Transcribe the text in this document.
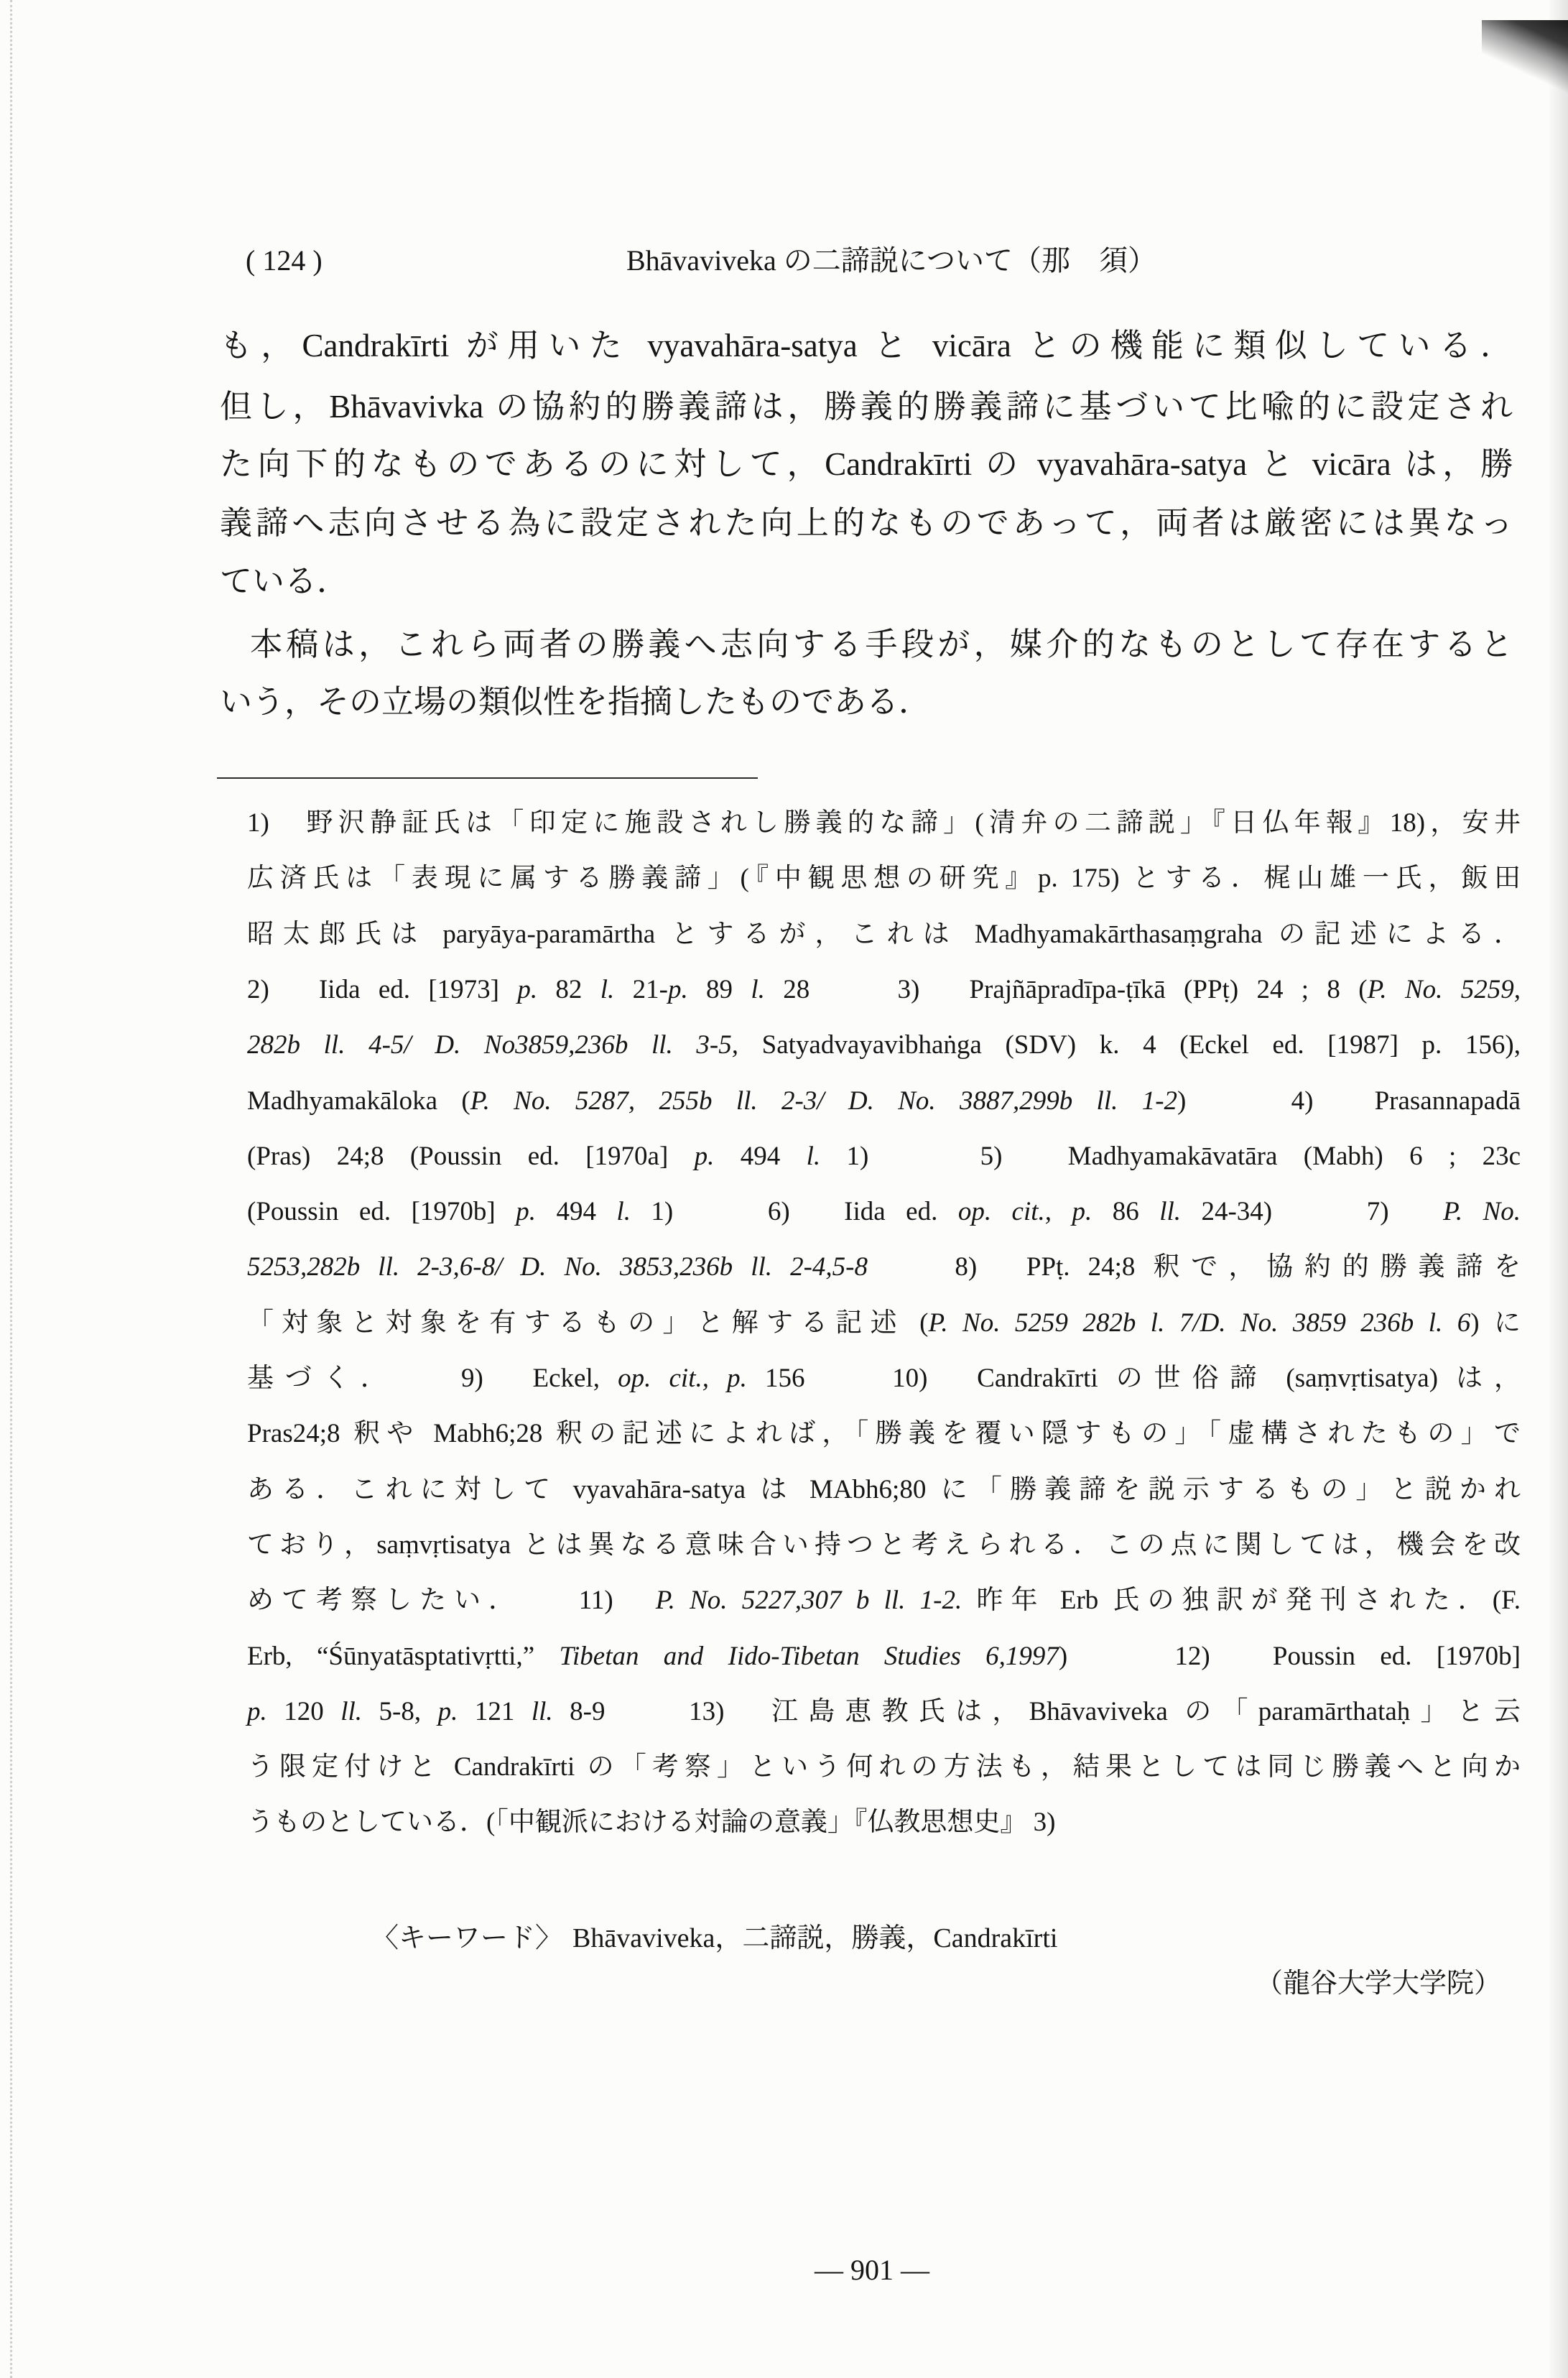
( 124 )	Bhāvaviveka の二諦説について（那　須）
も，Candrakīrti が用いた vyavahāra-satya と vicāra との機能に類似している．
但し，Bhāvavivka の協約的勝義諦は，勝義的勝義諦に基づいて比喩的に設定され
た向下的なものであるのに対して，Candrakīrti の vyavahāra-satya と vicāra は，勝
義諦へ志向させる為に設定された向上的なものであって，両者は厳密には異なっ
ている．
本稿は，これら両者の勝義へ志向する手段が，媒介的なものとして存在すると
いう，その立場の類似性を指摘したものである．
1)　野沢静証氏は「印定に施設されし勝義的な諦」(清弁の二諦説」『日仏年報』18)，安井
広済氏は「表現に属する勝義諦」(『中観思想の研究』p. 175) とする．梶山雄一氏，飯田
昭太郎氏は paryāya-paramārtha とするが，これは Madhyamakārthasaṃgraha の記述による．
2)　Iida ed. [1973] p. 82 l. 21-p. 89 l. 28　　3)　Prajñāpradīpa-ṭīkā (PPṭ) 24 ; 8 (P. No. 5259,
282b ll. 4-5/ D. No3859,236b ll. 3-5, Satyadvayavibhaṅga (SDV) k. 4 (Eckel ed. [1987] p. 156),
Madhyamakāloka (P. No. 5287, 255b ll. 2-3/ D. No. 3887,299b ll. 1-2)　　4)　Prasannapadā
(Pras) 24;8 (Poussin ed. [1970a] p. 494 l. 1)　　5)　Madhyamakāvatāra (Mabh) 6 ; 23c
(Poussin ed. [1970b] p. 494 l. 1)　　6)　Iida ed. op. cit., p. 86 ll. 24-34)　　7)　P. No.
5253,282b ll. 2-3,6-8/ D. No. 3853,236b ll. 2-4,5-8　　8)　PPṭ. 24;8 釈で，協約的勝義諦を
「対象と対象を有するもの」と解する記述 (P. No. 5259 282b l. 7/D. No. 3859 236b l. 6) に
基づく．　　9)　Eckel, op. cit., p. 156　　10)　Candrakīrti の世俗諦 (saṃvṛtisatya) は，
Pras24;8 釈や Mabh6;28 釈の記述によれば，「勝義を覆い隠すもの」「虚構されたもの」で
ある．これに対して vyavahāra-satya は MAbh6;80 に「勝義諦を説示するもの」と説かれ
ており，saṃvṛtisatya とは異なる意味合い持つと考えられる．この点に関しては，機会を改
めて考察したい．　　11)　P. No. 5227,307 b ll. 1-2. 昨年 Erb 氏の独訳が発刊された．(F.
Erb, “Śūnyatāsptativṛtti,” Tibetan and Iido-Tibetan Studies 6,1997)　　12)　Poussin ed. [1970b]
p. 120 ll. 5-8, p. 121 ll. 8-9　　13)　江島恵教氏は，Bhāvaviveka の「paramārthataḥ」と云
う限定付けと Candrakīrti の「考察」という何れの方法も，結果としては同じ勝義へと向か
うものとしている．(「中観派における対論の意義」『仏教思想史』 3)
〈キーワード〉 Bhāvaviveka，二諦説，勝義，Candrakīrti
（龍谷大学大学院）
― 901 ―
